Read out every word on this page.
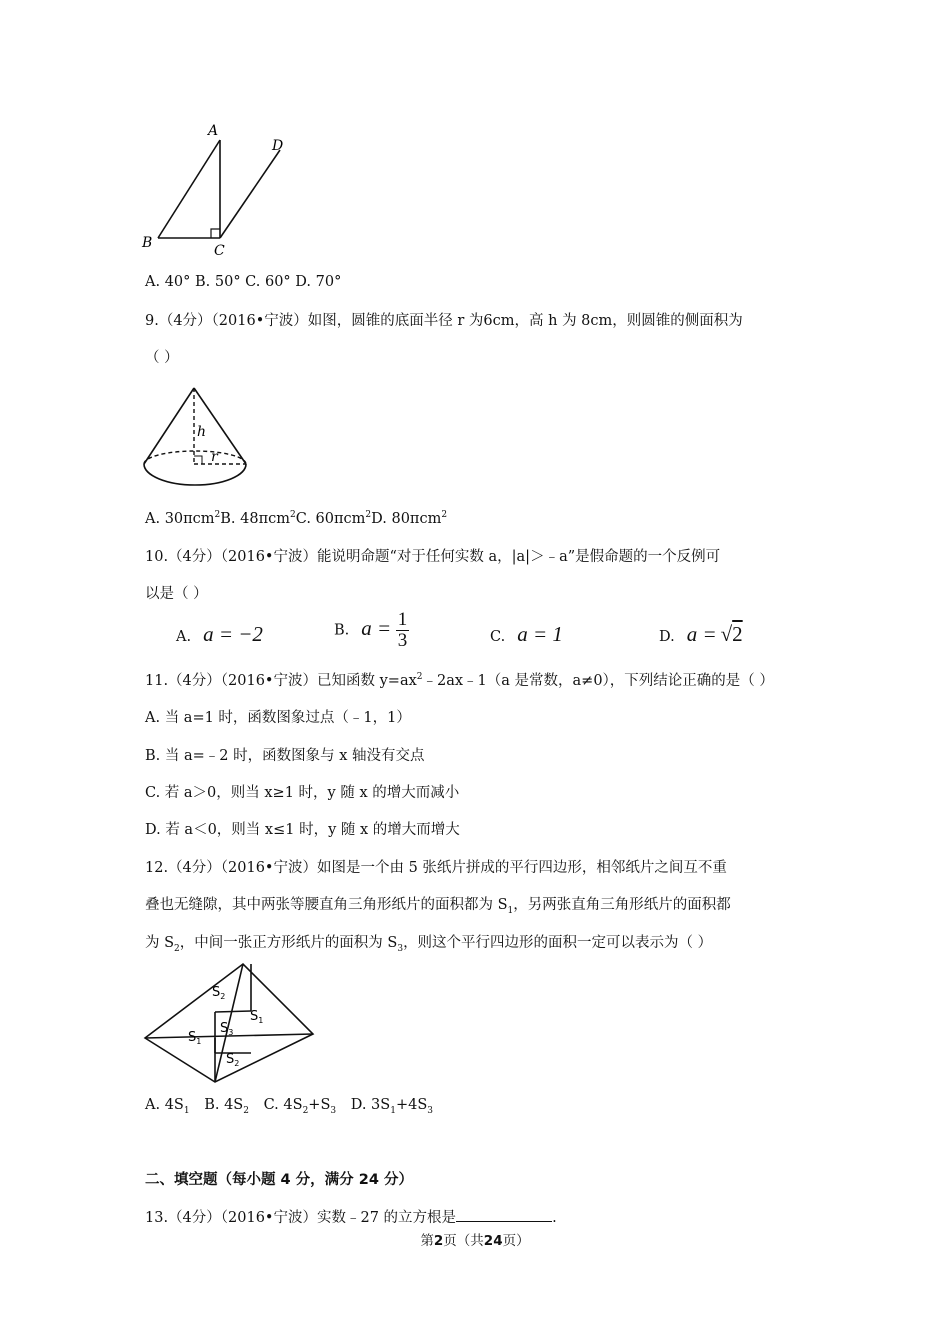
A
B	C
D
A. 40° B. 50° C. 60° D. 70°
9.（4分）（2016•宁波）如图，圆锥的底面半径 r 为6cm，高 h 为 8cm，则圆锥的侧面积为
（ ）
h
r
A. 30πcm$^2$B. 48πcm$^2$C. 60πcm$^2$D. 80πcm$^2$
10.（4分）（2016•宁波）能说明命题“对于任何实数 a，|a|＞﹣a”是假命题的一个反例可
以是（ ）
A. a = −2	B. $a = \frac{1}{3}$	C. a = 1	D. a = √2
11.（4分）（2016•宁波）已知函数 $y=ax^2﹣2ax﹣1(a$ 是常数，a≠0），下列结论正确的是（ ）
A. 当 a=1 时，函数图象过点（﹣1，1）
B. 当 a=﹣2 时，函数图象与 x 轴没有交点
C. 若 a＞0，则当 x≥1 时，y 随 x 的增大而减小
D. 若 a＜0，则当 x≤1 时，y 随 x 的增大而增大
12.（4分）（2016•宁波）如图是一个由 5 张纸片拼成的平行四边形，相邻纸片之间互不重
叠也无缝隙，其中两张等腰直角三角形纸片的面积都为 $S_1$，另两张直角三角形纸片的面积都
为 $S_2$，中间一张正方形纸片的面积为 $S_3$，则这个平行四边形的面积一定可以表示为（ ）
$S_2$
$S_1$
$S_3$
$S_1$
$S_2$
A. $4S_1$ B. $4S_2$ C. $4S_2+S_3$ D. $3S_1+4S_3$
二、填空题（每小题 4 分，满分 24 分）
13.（4分）（2016•宁波）实数﹣27 的立方根是	.
第2页（共24页）
